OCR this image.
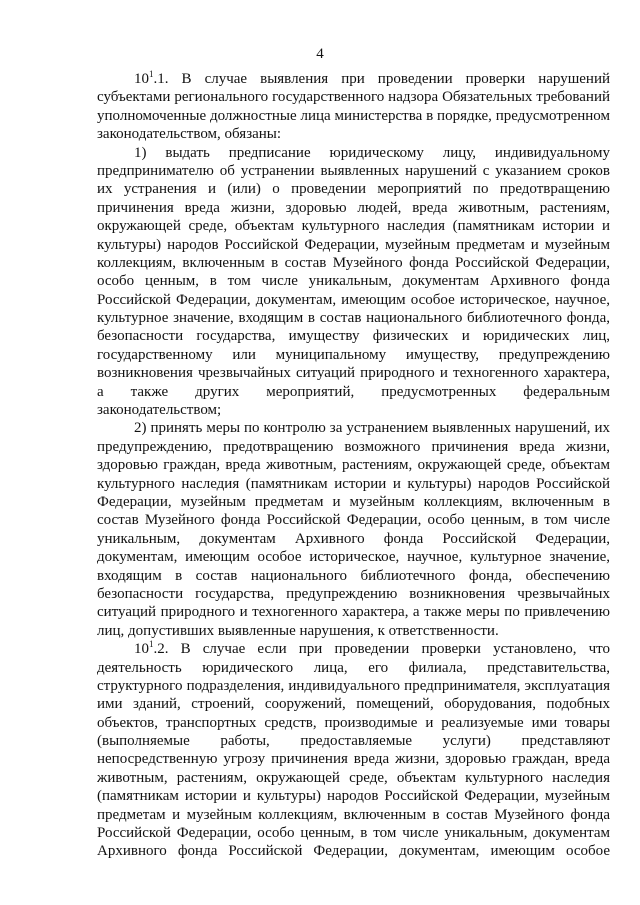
4
$10^1.1$. В случае выявления при проведении проверки нарушений
субъектами регионального государственного надзора Обязательных требований
уполномоченные должностные лица министерства в порядке, предусмотренном
законодательством, обязаны:
1) выдать предписание юридическому лицу, индивидуальному
предпринимателю об устранении выявленных нарушений с указанием сроков
их устранения и (или) о проведении мероприятий по предотвращению
причинения вреда жизни, здоровью людей, вреда животным, растениям,
окружающей среде, объектам культурного наследия (памятникам истории и
культуры) народов Российской Федерации, музейным предметам и музейным
коллекциям, включенным в состав Музейного фонда Российской Федерации,
особо ценным, в том числе уникальным, документам Архивного фонда
Российской Федерации, документам, имеющим особое историческое, научное,
культурное значение, входящим в состав национального библиотечного фонда,
безопасности государства, имуществу физических и юридических лиц,
государственному или муниципальному имуществу, предупреждению
возникновения чрезвычайных ситуаций природного и техногенного характера,
а также других мероприятий, предусмотренных федеральным
законодательством;
2) принять меры по контролю за устранением выявленных нарушений, их
предупреждению, предотвращению возможного причинения вреда жизни,
здоровью граждан, вреда животным, растениям, окружающей среде, объектам
культурного наследия (памятникам истории и культуры) народов Российской
Федерации, музейным предметам и музейным коллекциям, включенным в
состав Музейного фонда Российской Федерации, особо ценным, в том числе
уникальным, документам Архивного фонда Российской Федерации,
документам, имеющим особое историческое, научное, культурное значение,
входящим в состав национального библиотечного фонда, обеспечению
безопасности государства, предупреждению возникновения чрезвычайных
ситуаций природного и техногенного характера, а также меры по привлечению
лиц, допустивших выявленные нарушения, к ответственности.
$10^1.2$. В случае если при проведении проверки установлено, что
деятельность юридического лица, его филиала, представительства,
структурного подразделения, индивидуального предпринимателя, эксплуатация
ими зданий, строений, сооружений, помещений, оборудования, подобных
объектов, транспортных средств, производимые и реализуемые ими товары
(выполняемые работы, предоставляемые услуги) представляют
непосредственную угрозу причинения вреда жизни, здоровью граждан, вреда
животным, растениям, окружающей среде, объектам культурного наследия
(памятникам истории и культуры) народов Российской Федерации, музейным
предметам и музейным коллекциям, включенным в состав Музейного фонда
Российской Федерации, особо ценным, в том числе уникальным, документам
Архивного фонда Российской Федерации, документам, имеющим особое
